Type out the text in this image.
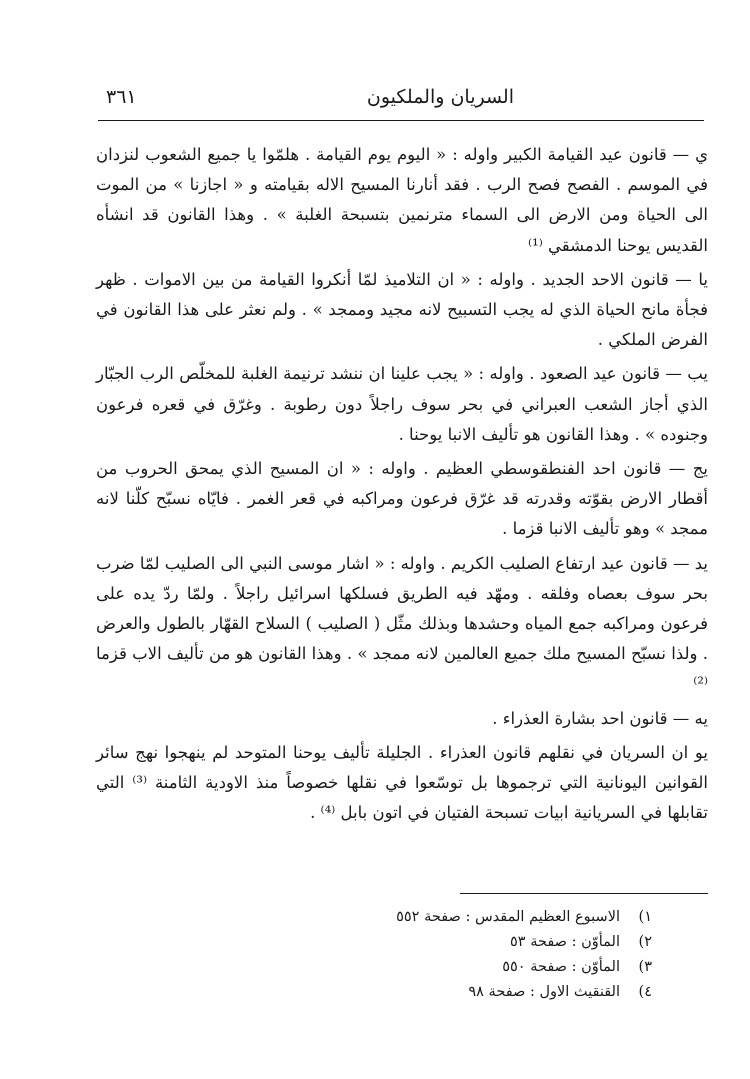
السريان والملكيون
٣٦١

ي — قانون عيد القيامة الكبير واوله : « اليوم يوم القيامة . هلمّوا يا جميع الشعوب لنزدان في الموسم . الفصح فصح الرب . فقد أنارنا المسيح الاله بقيامته و « اجازنا » من الموت الى الحياة ومن الارض الى السماء مترنمين بتسبحة الغلبة » . وهذا القانون قد انشأه القديس يوحنا الدمشقي ⁽¹⁾

يا — قانون الاحد الجديد . واوله : « ان التلاميذ لمّا أنكروا القيامة من بين الاموات . ظهر فجأة مانح الحياة الذي له يجب التسبيح لانه مجيد وممجد » . ولم نعثر على هذا القانون في الفرض الملكي .

يب — قانون عيد الصعود . واوله : « يجب علينا ان ننشد ترنيمة الغلبة للمخلّص الرب الجبّار الذي أجاز الشعب العبراني في بحر سوف راجلاً دون رطوبة . وغرّق في قعره فرعون وجنوده » . وهذا القانون هو تأليف الانبا يوحنا .

يج — قانون احد الفنطقوسطي العظيم . واوله : « ان المسيح الذي يمحق الحروب من أقطار الارض بقوّته وقدرته قد غرّق فرعون ومراكبه في قعر الغمر . فايّاه نسبّح كلّنا لانه ممجد » وهو تأليف الانبا قزما .

يد — قانون عيد ارتفاع الصليب الكريم . واوله : « اشار موسى النبي الى الصليب لمّا ضرب بحر سوف بعصاه وفلقه . ومهّد فيه الطريق فسلكها اسرائيل راجلاً . ولمّا ردّ يده على فرعون ومراكبه جمع المياه وحشدها وبذلك مثّل ( الصليب ) السلاح القهّار بالطول والعرض . ولذا نسبّح المسيح ملك جميع العالمين لانه ممجد » . وهذا القانون هو من تأليف الاب قزما ⁽²⁾

يه — قانون احد بشارة العذراء .

يو ان السريان في نقلهم قانون العذراء . الجليلة تأليف يوحنا المتوحد لم ينهجوا نهج سائر القوانين اليونانية التي ترجموها بل توسّعوا في نقلها خصوصاً منذ الاودية الثامنة ⁽³⁾ التي تقابلها في السريانية ابيات تسبحة الفتيان في اتون بابل ⁽⁴⁾ .

١)
الاسبوع العظيم المقدس : صفحة ٥٥٢
٢)
المأوّن : صفحة ٥٣
٣)
المأوّن : صفحة ٥٥٠
٤)
القنقيث الاول : صفحة ٩٨
